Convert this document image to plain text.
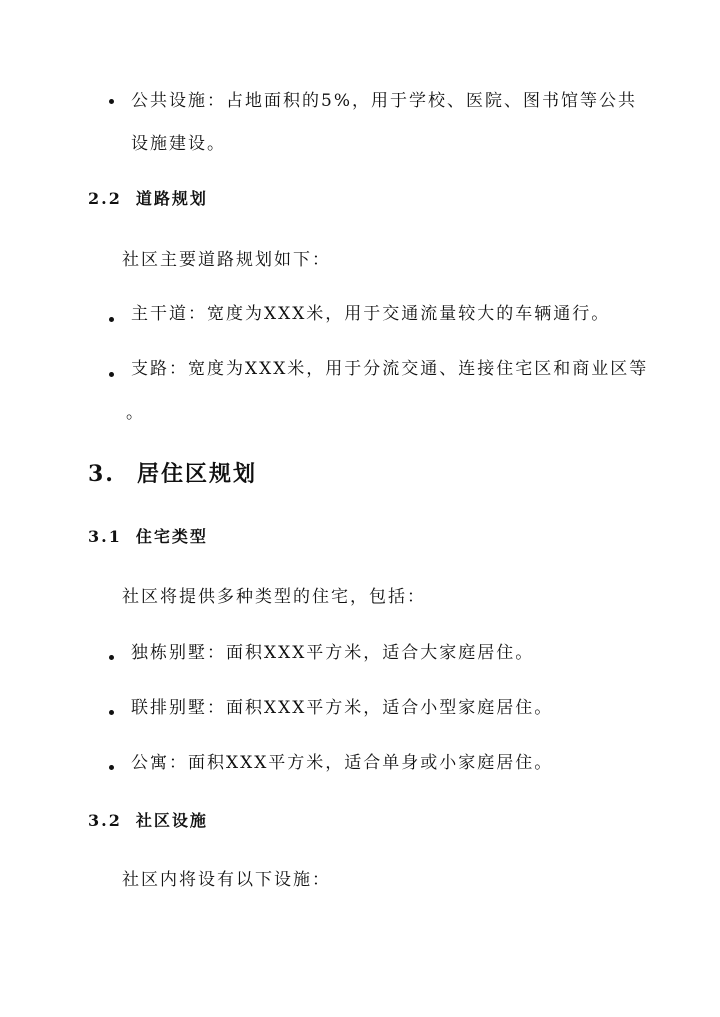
公共设施：占地面积的5%，用于学校、医院、图书馆等公共
设施建设。
2.2 道路规划
社区主要道路规划如下：
主干道：宽度为XXX米，用于交通流量较大的车辆通行。
支路：宽度为XXX米，用于分流交通、连接住宅区和商业区等
。
3. 居住区规划
3.1 住宅类型
社区将提供多种类型的住宅，包括：
独栋别墅：面积XXX平方米，适合大家庭居住。
联排别墅：面积XXX平方米，适合小型家庭居住。
公寓：面积XXX平方米，适合单身或小家庭居住。
3.2 社区设施
社区内将设有以下设施：
